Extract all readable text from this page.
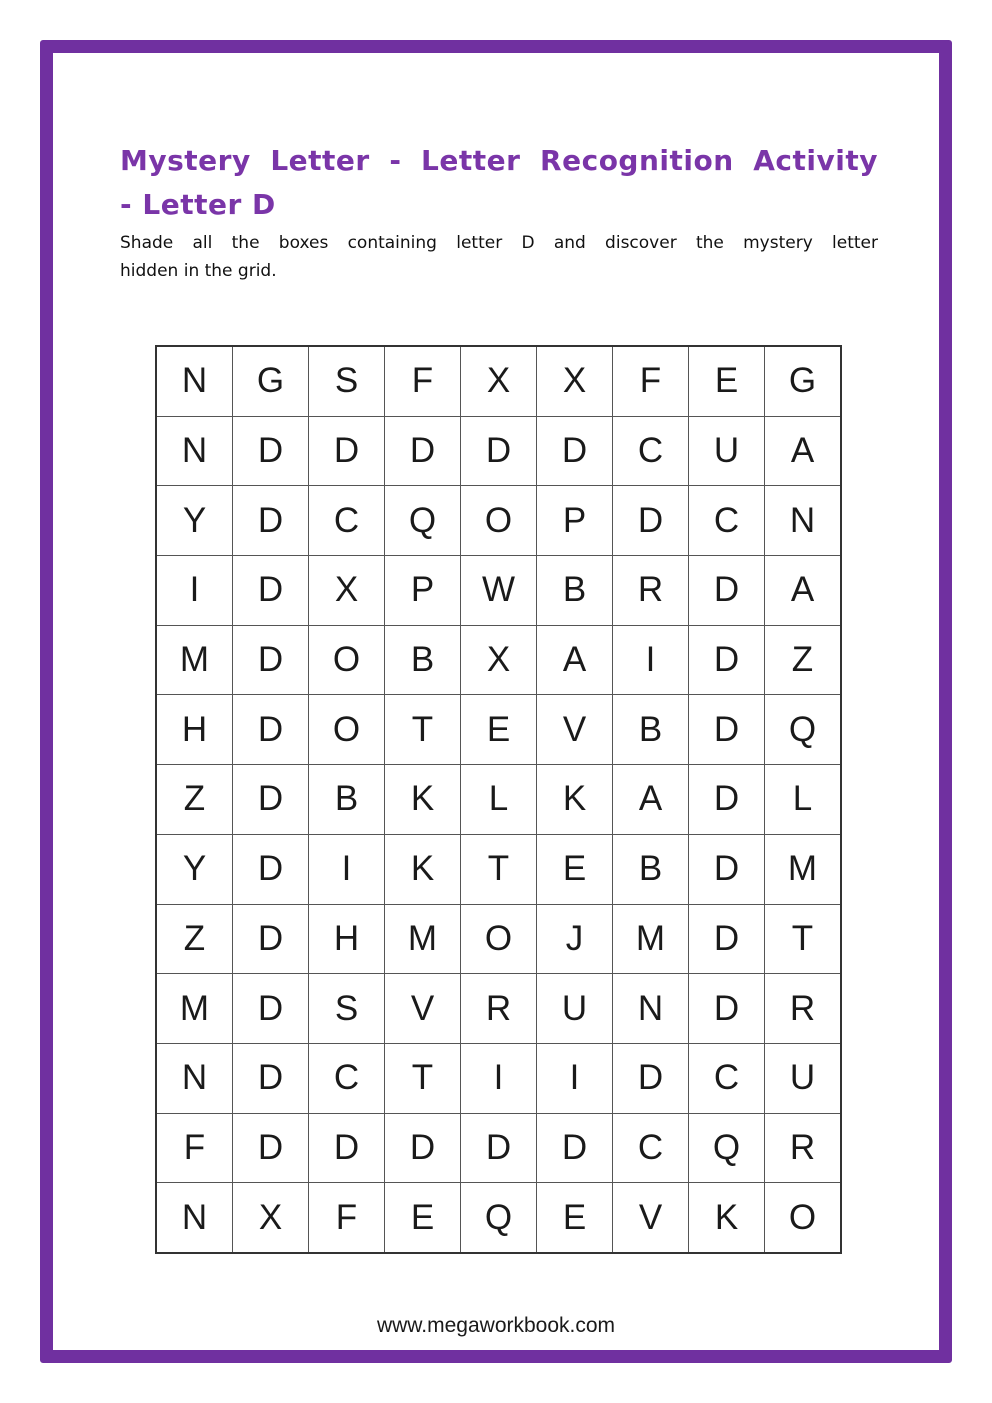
Mystery Letter - Letter Recognition Activity
- Letter D

Shade all the boxes containing letter D and discover the mystery letter
hidden in the grid.

N	G	S	F	X	X	F	E	G
N	D	D	D	D	D	C	U	A
Y	D	C	Q	O	P	D	C	N
I	D	X	P	W	B	R	D	A
M	D	O	B	X	A	I	D	Z
H	D	O	T	E	V	B	D	Q
Z	D	B	K	L	K	A	D	L
Y	D	I	K	T	E	B	D	M
Z	D	H	M	O	J	M	D	T
M	D	S	V	R	U	N	D	R
N	D	C	T	I	I	D	C	U
F	D	D	D	D	D	C	Q	R
N	X	F	E	Q	E	V	K	O
www.megaworkbook.com
